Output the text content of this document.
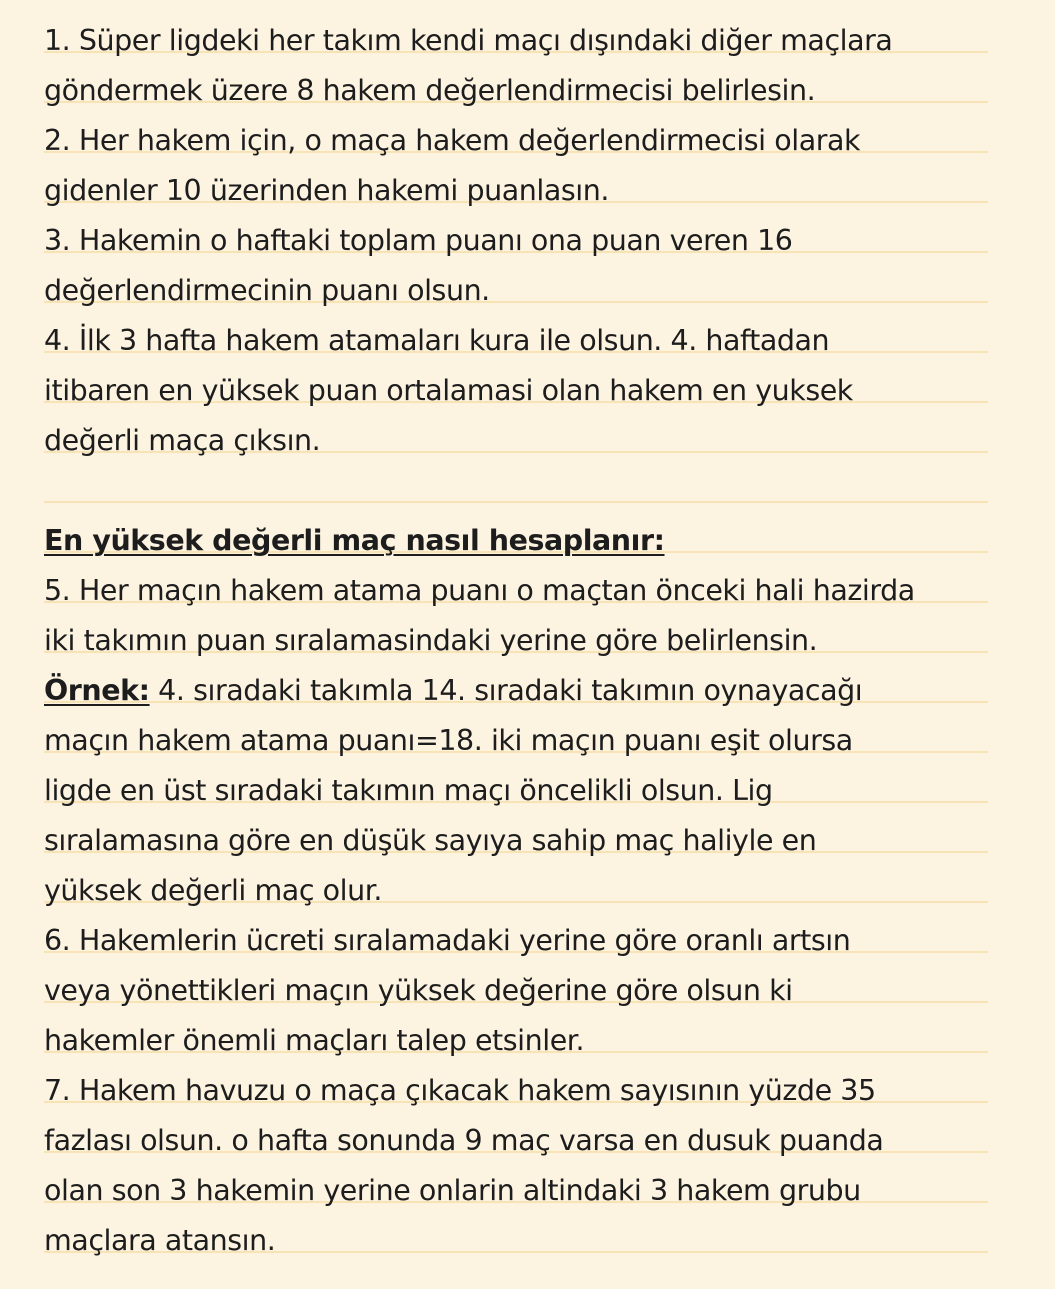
1. Süper ligdeki her takım kendi maçı dışındaki diğer maçlara
göndermek üzere 8 hakem değerlendirmecisi belirlesin.
2. Her hakem için, o maça hakem değerlendirmecisi olarak
gidenler 10 üzerinden hakemi puanlasın.
3. Hakemin o haftaki toplam puanı ona puan veren 16
değerlendirmecinin puanı olsun.
4. İlk 3 hafta hakem atamaları kura ile olsun. 4. haftadan
itibaren en yüksek puan ortalamasi olan hakem en yuksek
değerli maça çıksın.
En yüksek değerli maç nasıl hesaplanır:
5. Her maçın hakem atama puanı o maçtan önceki hali hazirda
iki takımın puan sıralamasindaki yerine göre belirlensin.
Örnek: 4. sıradaki takımla 14. sıradaki takımın oynayacağı
maçın hakem atama puanı=18. iki maçın puanı eşit olursa
ligde en üst sıradaki takımın maçı öncelikli olsun. Lig
sıralamasına göre en düşük sayıya sahip maç haliyle en
yüksek değerli maç olur.
6. Hakemlerin ücreti sıralamadaki yerine göre oranlı artsın
veya yönettikleri maçın yüksek değerine göre olsun ki
hakemler önemli maçları talep etsinler.
7. Hakem havuzu o maça çıkacak hakem sayısının yüzde 35
fazlası olsun. o hafta sonunda 9 maç varsa en dusuk puanda
olan son 3 hakemin yerine onlarin altindaki 3 hakem grubu
maçlara atansın.
